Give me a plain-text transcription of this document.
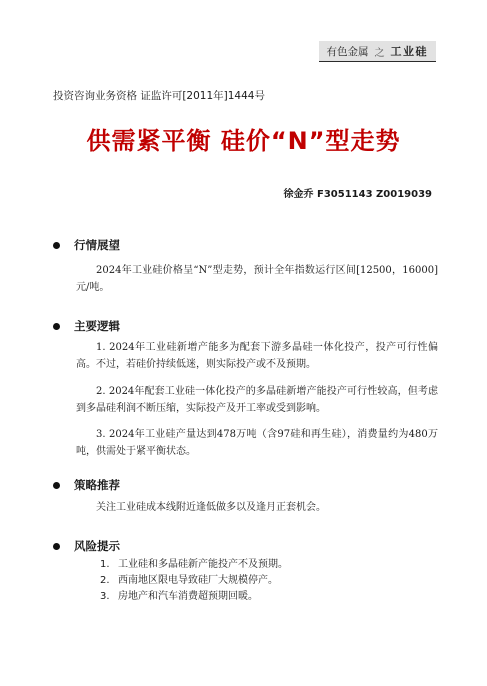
有色金属 之 工业硅
投资咨询业务资格 证监许可[2011年]1444号
供需紧平衡 硅价“N”型走势
徐金乔 F3051143 Z0019039
行情展望
2024年工业硅价格呈“N”型走势，预计全年指数运行区间[12500，16000]元/吨。
主要逻辑
1. 2024年工业硅新增产能多为配套下游多晶硅一体化投产，投产可行性偏高。不过，若硅价持续低迷，则实际投产或不及预期。
2. 2024年配套工业硅一体化投产的多晶硅新增产能投产可行性较高，但考虑到多晶硅利润不断压缩，实际投产及开工率或受到影响。
3. 2024年工业硅产量达到478万吨（含97硅和再生硅），消费量约为480万吨，供需处于紧平衡状态。
策略推荐
关注工业硅成本线附近逢低做多以及逢月正套机会。
风险提示
1. 工业硅和多晶硅新产能投产不及预期。
2. 西南地区限电导致硅厂大规模停产。
3. 房地产和汽车消费超预期回暖。
